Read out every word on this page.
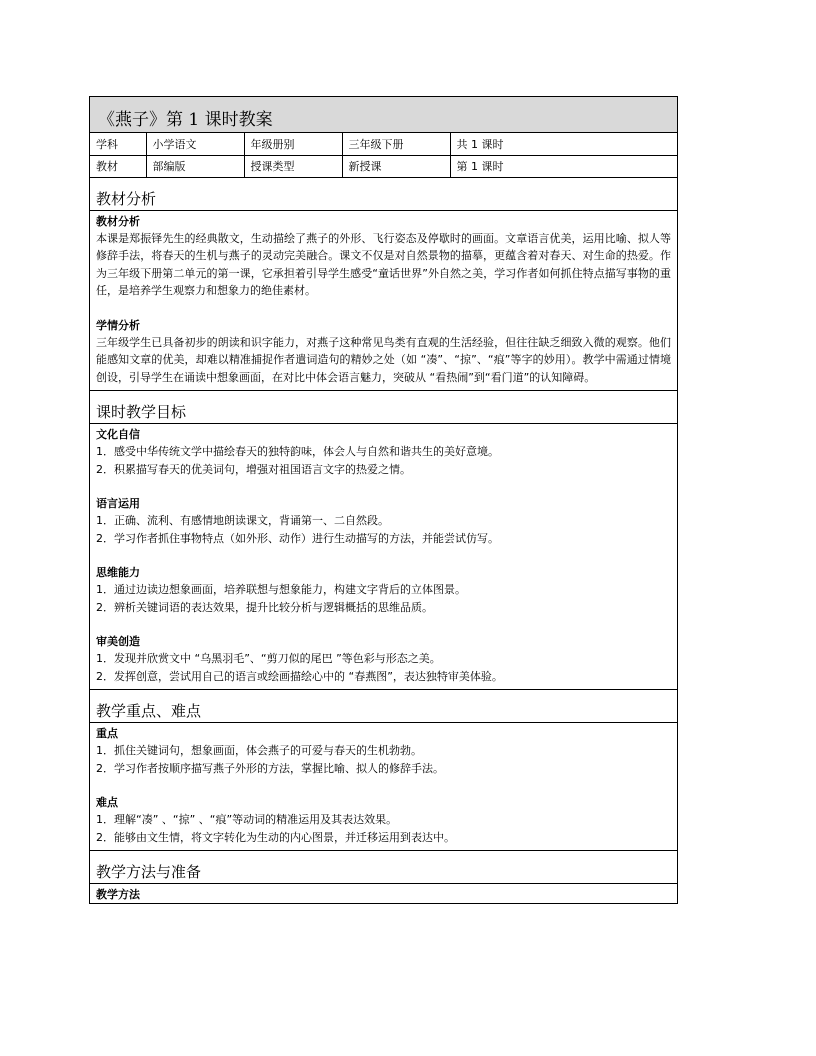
《燕子》第 1 课时教案
学科	小学语文	年级册别	三年级下册	共 1 课时
教材	部编版	授课类型	新授课	第 1 课时
教材分析
教材分析

本课是郑振铎先生的经典散文，生动描绘了燕子的外形、飞行姿态及停歇时的画面。文章语言优美，运用比喻、拟人等修辞手法，将春天的生机与燕子的灵动完美融合。课文不仅是对自然景物的描摹，更蕴含着对春天、对生命的热爱。作为三年级下册第二单元的第一课，它承担着引导学生感受“童话世界”外自然之美，学习作者如何抓住特点描写事物的重任，是培养学生观察力和想象力的绝佳素材。

学情分析

三年级学生已具备初步的朗读和识字能力，对燕子这种常见鸟类有直观的生活经验，但往往缺乏细致入微的观察。他们能感知文章的优美，却难以精准捕捉作者遣词造句的精妙之处（如 “凑”、“掠”、“痕”等字的妙用）。教学中需通过情境创设，引导学生在诵读中想象画面，在对比中体会语言魅力，突破从 “看热闹”到“看门道”的认知障碍。

课时教学目标
文化自信

1．感受中华传统文学中描绘春天的独特韵味，体会人与自然和谐共生的美好意境。

2．积累描写春天的优美词句，增强对祖国语言文字的热爱之情。

语言运用

1．正确、流利、有感情地朗读课文，背诵第一、二自然段。

2．学习作者抓住事物特点（如外形、动作）进行生动描写的方法，并能尝试仿写。

思维能力

1．通过边读边想象画面，培养联想与想象能力，构建文字背后的立体图景。

2．辨析关键词语的表达效果，提升比较分析与逻辑概括的思维品质。

审美创造

1．发现并欣赏文中 “乌黑羽毛”、“剪刀似的尾巴 ”等色彩与形态之美。

2．发挥创意，尝试用自己的语言或绘画描绘心中的 “春燕图”，表达独特审美体验。

教学重点、难点
重点

1．抓住关键词句，想象画面，体会燕子的可爱与春天的生机勃勃。

2．学习作者按顺序描写燕子外形的方法，掌握比喻、拟人的修辞手法。

难点

1．理解“凑” 、“掠” 、“痕”等动词的精准运用及其表达效果。

2．能够由文生情，将文字转化为生动的内心图景，并迁移运用到表达中。

教学方法与准备
教学方法
